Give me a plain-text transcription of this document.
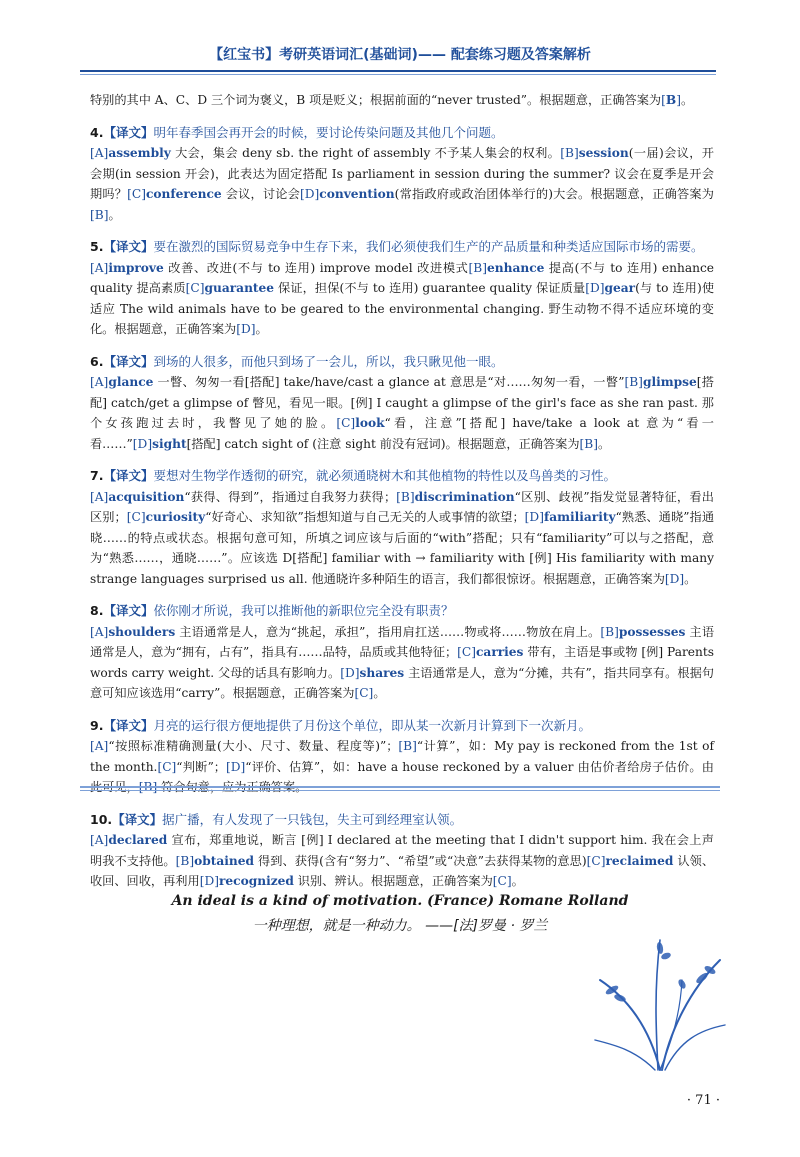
【红宝书】考研英语词汇(基础词)—— 配套练习题及答案解析

特别的其中 A、C、D 三个词为褒义，B 项是贬义；根据前面的“never trusted”。根据题意，正确答案为[B]。

4.【译文】明年春季国会再开会的时候，要讨论传染问题及其他几个问题。
[A]assembly 大会，集会 deny sb. the right of assembly 不予某人集会的权利。[B]session(一届)会议，开会期(in session 开会)，此表达为固定搭配 Is parliament in session during the summer? 议会在夏季是开会期吗？[C]conference 会议，讨论会[D]convention(常指政府或政治团体举行的)大会。根据题意，正确答案为[B]。
5.【译文】要在激烈的国际贸易竞争中生存下来，我们必须使我们生产的产品质量和种类适应国际市场的需要。
[A]improve 改善、改进(不与 to 连用) improve model 改进模式[B]enhance 提高(不与 to 连用) enhance quality 提高素质[C]guarantee 保证，担保(不与 to 连用) guarantee quality 保证质量[D]gear(与 to 连用)使适应 The wild animals have to be geared to the environmental changing. 野生动物不得不适应环境的变化。根据题意，正确答案为[D]。
6.【译文】到场的人很多，而他只到场了一会儿，所以，我只瞅见他一眼。
[A]glance 一瞥、匆匆一看[搭配] take/have/cast a glance at 意思是“对……匆匆一看，一瞥”[B]glimpse[搭配] catch/get a glimpse of 瞥见，看见一眼。[例] I caught a glimpse of the girl's face as she ran past. 那个女孩跑过去时，我瞥见了她的脸。[C]look“看，注意”[搭配] have/take a look at 意为“看一看……”[D]sight[搭配] catch sight of (注意 sight 前没有冠词)。根据题意，正确答案为[B]。
7.【译文】要想对生物学作透彻的研究，就必须通晓树木和其他植物的特性以及鸟兽类的习性。
[A]acquisition“获得、得到”，指通过自我努力获得；[B]discrimination“区别、歧视”指发觉显著特征，看出区别；[C]curiosity“好奇心、求知欲”指想知道与自己无关的人或事情的欲望；[D]familiarity“熟悉、通晓”指通晓……的特点或状态。根据句意可知，所填之词应该与后面的“with”搭配；只有“familiarity”可以与之搭配，意为“熟悉……，通晓……”。应该选 D[搭配] familiar with → familiarity with [例] His familiarity with many strange languages surprised us all. 他通晓许多种陌生的语言，我们都很惊讶。根据题意，正确答案为[D]。
8.【译文】依你刚才所说，我可以推断他的新职位完全没有职责？
[A]shoulders 主语通常是人，意为“挑起，承担”，指用肩扛送……物或将……物放在肩上。[B]possesses 主语通常是人，意为“拥有，占有”，指具有……品特，品质或其他特征；[C]carries 带有，主语是事或物 [例] Parents words carry weight. 父母的话具有影响力。[D]shares 主语通常是人，意为“分摊，共有”，指共同享有。根据句意可知应该选用“carry”。根据题意，正确答案为[C]。
9.【译文】月亮的运行很方便地提供了月份这个单位，即从某一次新月计算到下一次新月。
[A]“按照标准精确测量(大小、尺寸、数量、程度等)”；[B]“计算”，如：My pay is reckoned from the 1st of the month.[C]“判断”；[D]“评价、估算”，如：have a house reckoned by a valuer 由估价者给房子估价。由此可见，[B] 符合句意，应为正确答案。
10.【译文】据广播，有人发现了一只钱包，失主可到经理室认领。
[A]declared 宣布，郑重地说，断言 [例] I declared at the meeting that I didn't support him. 我在会上声明我不支持他。[B]obtained 得到、获得(含有“努力”、“希望”或“决意”去获得某物的意思)[C]reclaimed 认领、收回、回收，再利用[D]recognized 识别、辨认。根据题意，正确答案为[C]。
An ideal is a kind of motivation. (France) Romane Rolland
一种理想，就是一种动力。 ——[法]罗曼 · 罗兰
· 71 ·
